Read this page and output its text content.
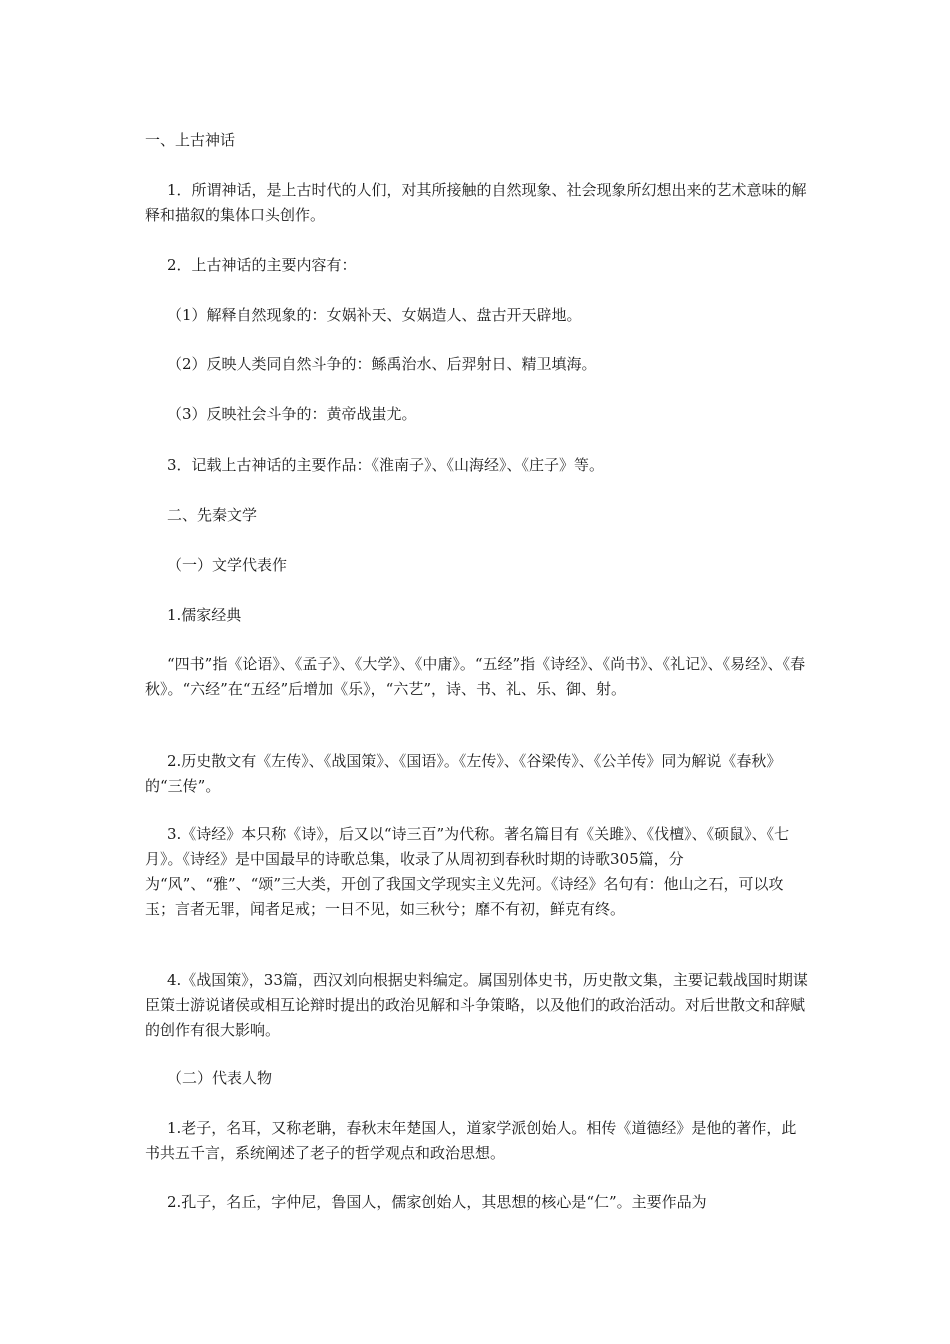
一、上古神话

1．所谓神话，是上古时代的人们，对其所接触的自然现象、社会现象所幻想出来的艺术意味的解释和描叙的集体口头创作。

2．上古神话的主要内容有：

（1）解释自然现象的：女娲补天、女娲造人、盘古开天辟地。

（2）反映人类同自然斗争的：鲧禹治水、后羿射日、精卫填海。

（3）反映社会斗争的：黄帝战蚩尤。

3．记载上古神话的主要作品：《淮南子》、《山海经》、《庄子》等。

二、先秦文学

（一）文学代表作

1.儒家经典

“四书”指《论语》、《孟子》、《大学》、《中庸》。“五经”指《诗经》、《尚书》、《礼记》、《易经》、《春秋》。“六经”在“五经”后增加《乐》，“六艺”，诗、书、礼、乐、御、射。

2.历史散文有《左传》、《战国策》、《国语》。《左传》、《谷梁传》、《公羊传》同为解说《春秋》的“三传”。

3.《诗经》本只称《诗》，后又以“诗三百”为代称。著名篇目有《关雎》、《伐檀》、《硕鼠》、《七月》。《诗经》是中国最早的诗歌总集，收录了从周初到春秋时期的诗歌305篇，分为“风”、“雅”、“颂”三大类，开创了我国文学现实主义先河。《诗经》名句有：他山之石，可以攻玉；言者无罪，闻者足戒；一日不见，如三秋兮；靡不有初，鲜克有终。

4.《战国策》，33篇，西汉刘向根据史料编定。属国别体史书，历史散文集，主要记载战国时期谋臣策士游说诸侯或相互论辩时提出的政治见解和斗争策略，以及他们的政治活动。对后世散文和辞赋的创作有很大影响。

（二）代表人物

1.老子，名耳，又称老聃，春秋末年楚国人，道家学派创始人。相传《道德经》是他的著作，此书共五千言，系统阐述了老子的哲学观点和政治思想。

2.孔子，名丘，字仲尼，鲁国人，儒家创始人，其思想的核心是“仁”。主要作品为
